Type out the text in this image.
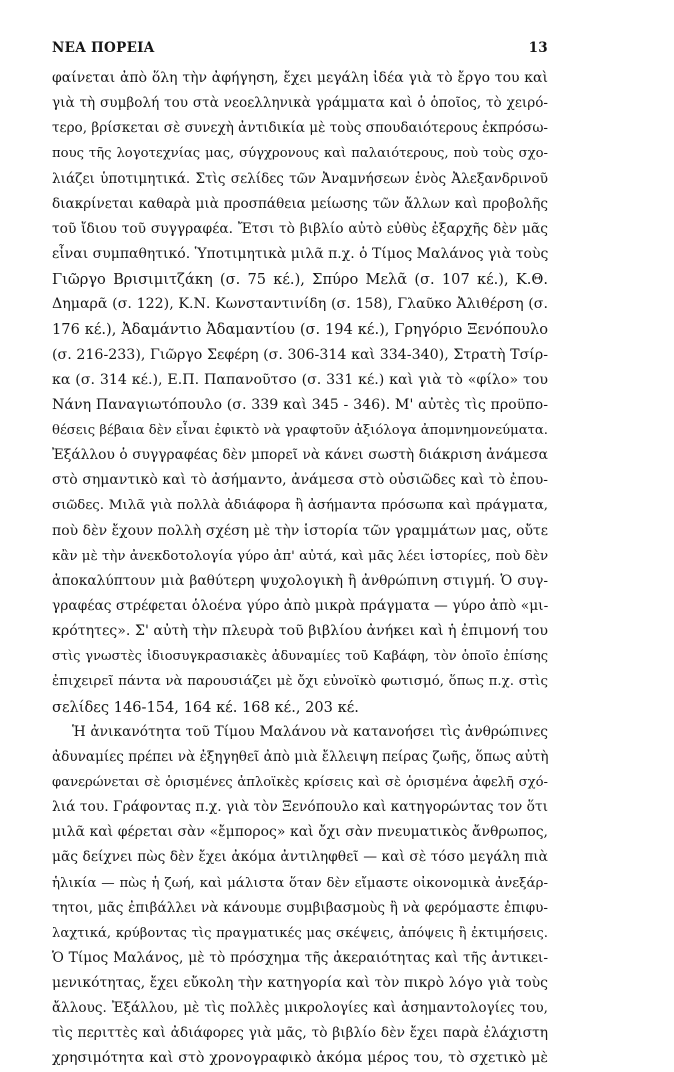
ΝΕΑ ΠΟΡΕΙΑ	13
φαίνεται ἀπὸ ὅλη τὴν ἀφήγηση, ἔχει μεγάλη ἰδέα γιὰ τὸ ἔργο του καὶ
γιὰ τὴ συμβολή του στὰ νεοελληνικὰ γράμματα καὶ ὁ ὁποῖος, τὸ χειρό-
τερο, βρίσκεται σὲ συνεχὴ ἀντιδικία μὲ τοὺς σπουδαιότερους ἐκπρόσω-
πους τῆς λογοτεχνίας μας, σύγχρονους καὶ παλαιότερους, ποὺ τοὺς σχο-
λιάζει ὑποτιμητικά. Στὶς σελίδες τῶν Ἀναμνήσεων ἑνὸς Ἀλεξανδρινοῦ
διακρίνεται καθαρὰ μιὰ προσπάθεια μείωσης τῶν ἄλλων καὶ προβολῆς
τοῦ ἴδιου τοῦ συγγραφέα. Ἔτσι τὸ βιβλίο αὐτὸ εὐθὺς ἐξαρχῆς δὲν μᾶς
εἶναι συμπαθητικό. Ὑποτιμητικὰ μιλᾶ π.χ. ὁ Τίμος Μαλάνος γιὰ τοὺς
Γιῶργο Βρισιμιτζάκη (σ. 75 κέ.), Σπύρο Μελᾶ (σ. 107 κέ.), Κ.Θ.
Δημαρᾶ (σ. 122), Κ.Ν. Κωνσταντινίδη (σ. 158), Γλαῦκο Ἀλιθέρση (σ.
176 κέ.), Ἀδαμάντιο Ἀδαμαντίου (σ. 194 κέ.), Γρηγόριο Ξενόπουλο
(σ. 216-233), Γιῶργο Σεφέρη (σ. 306-314 καὶ 334-340), Στρατὴ Τσίρ-
κα (σ. 314 κέ.), Ε.Π. Παπανοῦτσο (σ. 331 κέ.) καὶ γιὰ τὸ «φίλο» του
Νάνη Παναγιωτόπουλο (σ. 339 καὶ 345 - 346). Μ' αὐτὲς τὶς προϋπο-
θέσεις βέβαια δὲν εἶναι ἐφικτὸ νὰ γραφτοῦν ἀξιόλογα ἀπομνημονεύματα.
Ἐξάλλου ὁ συγγραφέας δὲν μπορεῖ νὰ κάνει σωστὴ διάκριση ἀνάμεσα
στὸ σημαντικὸ καὶ τὸ ἀσήμαντο, ἀνάμεσα στὸ οὐσιῶδες καὶ τὸ ἐπου-
σιῶδες. Μιλᾶ γιὰ πολλὰ ἀδιάφορα ἢ ἀσήμαντα πρόσωπα καὶ πράγματα,
ποὺ δὲν ἔχουν πολλὴ σχέση μὲ τὴν ἱστορία τῶν γραμμάτων μας, οὔτε
κἂν μὲ τὴν ἀνεκδοτολογία γύρο ἀπ' αὐτά, καὶ μᾶς λέει ἱστορίες, ποὺ δὲν
ἀποκαλύπτουν μιὰ βαθύτερη ψυχολογικὴ ἢ ἀνθρώπινη στιγμή. Ὁ συγ-
γραφέας στρέφεται ὁλοένα γύρο ἀπὸ μικρὰ πράγματα — γύρο ἀπὸ «μι-
κρότητες». Σ' αὐτὴ τὴν πλευρὰ τοῦ βιβλίου ἀνήκει καὶ ἡ ἐπιμονή του
στὶς γνωστὲς ἰδιοσυγκρασιακὲς ἀδυναμίες τοῦ Καβάφη, τὸν ὁποῖο ἐπίσης
ἐπιχειρεῖ πάντα νὰ παρουσιάζει μὲ ὄχι εὐνοϊκὸ φωτισμό, ὅπως π.χ. στὶς
σελίδες 146-154, 164 κέ. 168 κέ., 203 κέ.
Ἡ ἀνικανότητα τοῦ Τίμου Μαλάνου νὰ κατανοήσει τὶς ἀνθρώπινες
ἀδυναμίες πρέπει νὰ ἐξηγηθεῖ ἀπὸ μιὰ ἔλλειψη πείρας ζωῆς, ὅπως αὐτὴ
φανερώνεται σὲ ὁρισμένες ἀπλοϊκὲς κρίσεις καὶ σὲ ὁρισμένα ἀφελῆ σχό-
λιά του. Γράφοντας π.χ. γιὰ τὸν Ξενόπουλο καὶ κατηγορώντας τον ὅτι
μιλᾶ καὶ φέρεται σὰν «ἔμπορος» καὶ ὄχι σὰν πνευματικὸς ἄνθρωπος,
μᾶς δείχνει πὼς δὲν ἔχει ἀκόμα ἀντιληφθεῖ — καὶ σὲ τόσο μεγάλη πιὰ
ἡλικία — πὼς ἡ ζωή, καὶ μάλιστα ὅταν δὲν εἴμαστε οἰκονομικὰ ἀνεξάρ-
τητοι, μᾶς ἐπιβάλλει νὰ κάνουμε συμβιβασμοὺς ἢ νὰ φερόμαστε ἐπιφυ-
λαχτικά, κρύβοντας τὶς πραγματικές μας σκέψεις, ἀπόψεις ἢ ἐκτιμήσεις.
Ὁ Τίμος Μαλάνος, μὲ τὸ πρόσχημα τῆς ἀκεραιότητας καὶ τῆς ἀντικει-
μενικότητας, ἔχει εὔκολη τὴν κατηγορία καὶ τὸν πικρὸ λόγο γιὰ τοὺς
ἄλλους. Ἐξάλλου, μὲ τὶς πολλὲς μικρολογίες καὶ ἀσημαντολογίες του,
τὶς περιττὲς καὶ ἀδιάφορες γιὰ μᾶς, τὸ βιβλίο δὲν ἔχει παρὰ ἐλάχιστη
χρησιμότητα καὶ στὸ χρονογραφικὸ ἀκόμα μέρος του, τὸ σχετικὸ μὲ
